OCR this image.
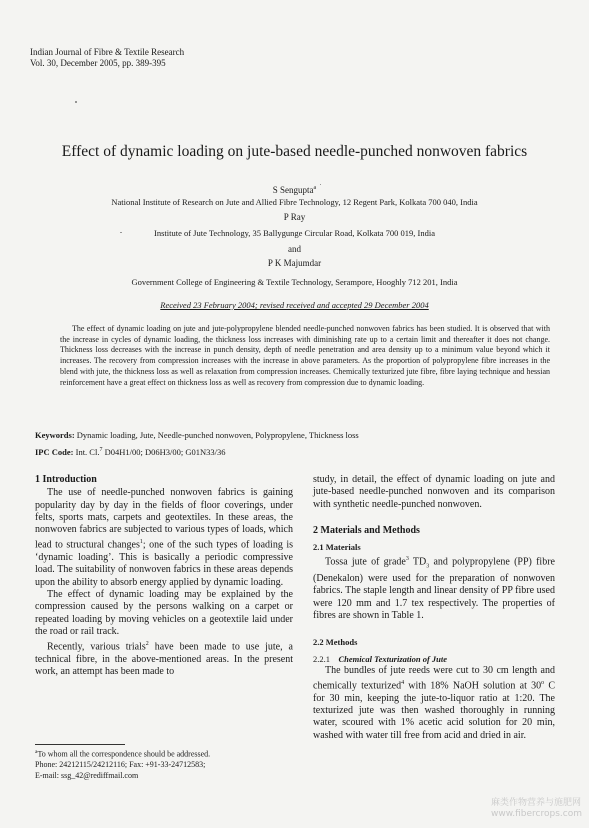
Indian Journal of Fibre & Textile Research
Vol. 30, December 2005, pp. 389-395
Effect of dynamic loading on jute-based needle-punched nonwoven fabrics
S Sengupta$^a$
National Institute of Research on Jute and Allied Fibre Technology, 12 Regent Park, Kolkata 700 040, India
P Ray
Institute of Jute Technology, 35 Ballygunge Circular Road, Kolkata 700 019, India
and
P K Majumdar
Government College of Engineering & Textile Technology, Serampore, Hooghly 712 201, India
Received 23 February 2004; revised received and accepted 29 December 2004
The effect of dynamic loading on jute and jute-polypropylene blended needle-punched nonwoven fabrics has been studied. It is observed that with the increase in cycles of dynamic loading, the thickness loss increases with diminishing rate up to a certain limit and thereafter it does not change. Thickness loss decreases with the increase in punch density, depth of needle penetration and area density up to a minimum value beyond which it increases. The recovery from compression increases with the increase in above parameters. As the proportion of polypropylene fibre increases in the blend with jute, the thickness loss as well as relaxation from compression increases. Chemically texturized jute fibre, fibre laying technique and hessian reinforcement have a great effect on thickness loss as well as recovery from compression due to dynamic loading.
Keywords: Dynamic loading, Jute, Needle-punched nonwoven, Polypropylene, Thickness loss
IPC Code: Int. Cl.$^7$ D04H1/00; D06H3/00; G01N33/36
1 Introduction

The use of needle-punched nonwoven fabrics is gaining popularity day by day in the fields of floor coverings, under felts, sports mats, carpets and geotextiles. In these areas, the nonwoven fabrics are subjected to various types of loads, which lead to structural changes$^1$; one of the such types of loading is ‘dynamic loading’. This is basically a periodic compressive load. The suitability of nonwoven fabrics in these areas depends upon the ability to absorb energy applied by dynamic loading.

The effect of dynamic loading may be explained by the compression caused by the persons walking on a carpet or repeated loading by moving vehicles on a geotextile laid under the road or rail track.

Recently, various trials$^2$ have been made to use jute, a technical fibre, in the above-mentioned areas. In the present work, an attempt has been made to

study, in detail, the effect of dynamic loading on jute and jute-based needle-punched nonwoven and its comparison with synthetic needle-punched nonwoven.
2 Materials and Methods
2.1 Materials

Tossa jute of grade$^3$ $TD_3$ and polypropylene (PP) fibre (Denekalon) were used for the preparation of nonwoven fabrics. The staple length and linear density of PP fibre used were 120 mm and 1.7 tex respectively. The properties of fibres are shown in Table 1.

2.2 Methods
2.2.1 Chemical Texturization of Jute

The bundles of jute reeds were cut to 30 cm length and chemically texturized$^4$ with 18% NaOH solution at 30$^o$ C for 30 min, keeping the jute-to-liquor ratio at 1:20. The texturized jute was then washed thoroughly in running water, scoured with 1% acetic acid solution for 20 min, washed with water till free from acid and dried in air.

$^a$To whom all the correspondence should be addressed.
Phone: 24212115/24212116; Fax: +91-33-24712583;
E-mail: ssg_42@rediffmail.com
麻类作物营养与施肥网
www.fibercrops.com
